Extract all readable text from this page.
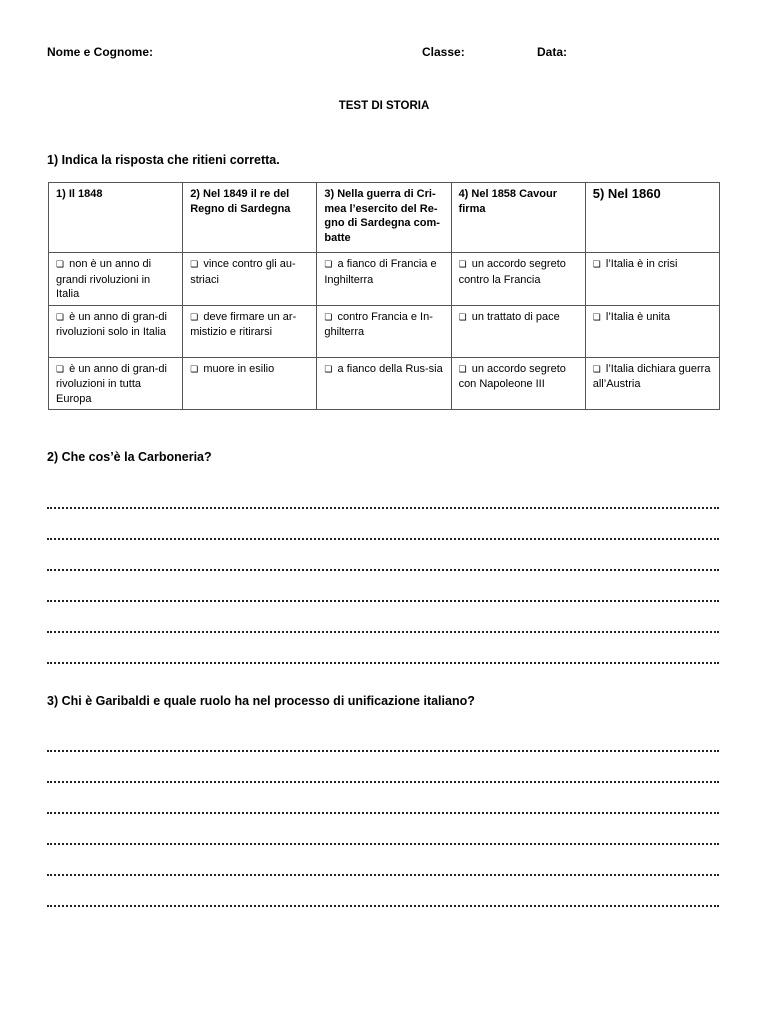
Nome e Cognome:	Classe:	Data:
TEST DI STORIA
1) Indica la risposta che ritieni corretta.
1) Il 1848	2) Nel 1849 il re del Regno di Sardegna	3) Nella guerra di Cri-mea l’esercito del Re-gno di Sardegna com-batte	4) Nel 1858 Cavour firma	5) Nel 1860
❏ non è un anno di grandi rivoluzioni in Italia	❏ vince contro gli au-striaci	❏ a fianco di Francia e Inghilterra	❏ un accordo segreto contro la Francia	❏ l’Italia è in crisi
❏ è un anno di gran-di rivoluzioni solo in Italia	❏ deve firmare un ar-mistizio e ritirarsi	❏ contro Francia e In-ghilterra	❏ un trattato di pace	❏ l’Italia è unita
❏ è un anno di gran-di rivoluzioni in tutta Europa	❏ muore in esilio	❏ a fianco della Rus-sia	❏ un accordo segreto con Napoleone III	❏ l’Italia dichiara guerra all’Austria
2) Che cos’è la Carboneria?
3) Chi è Garibaldi e quale ruolo ha nel processo di unificazione italiano?
